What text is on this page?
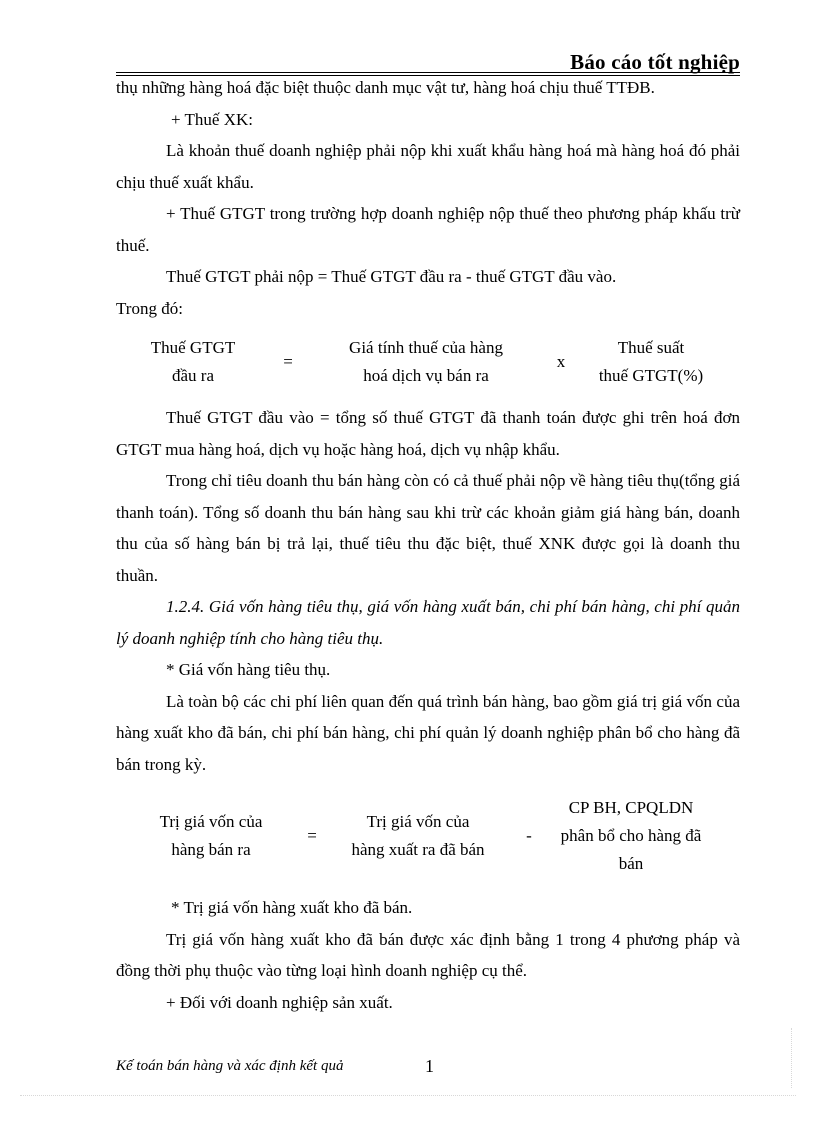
Báo cáo tốt nghiệp

thụ những hàng hoá đặc biệt thuộc danh mục vật tư, hàng hoá chịu thuế TTĐB.

+ Thuế XK:

Là khoản thuế doanh nghiệp phải nộp khi xuất khẩu hàng hoá mà hàng hoá đó phải chịu thuế xuất khẩu.

+ Thuế GTGT trong trường hợp doanh nghiệp nộp thuế theo phương pháp khấu trừ thuế.

Thuế GTGT phải nộp = Thuế GTGT đầu ra - thuế GTGT đầu vào.

Trong đó:

Thuế GTGT
đầu ra
=
Giá tính thuế của hàng
hoá dịch vụ bán ra
x
Thuế suất
thuế GTGT(%)

Thuế GTGT đầu vào = tổng số thuế GTGT đã thanh toán được ghi trên hoá đơn GTGT mua hàng hoá, dịch vụ hoặc hàng hoá, dịch vụ nhập khẩu.

Trong chỉ tiêu doanh thu bán hàng còn có cả thuế phải nộp về hàng tiêu thụ(tổng giá thanh toán). Tổng số doanh thu bán hàng sau khi trừ các khoản giảm giá hàng bán, doanh thu của số hàng bán bị trả lại, thuế tiêu thu đặc biệt, thuế XNK được gọi là doanh thu thuần.

1.2.4. Giá vốn hàng tiêu thụ, giá vốn hàng xuất bán, chi phí bán hàng, chi phí quản lý doanh nghiệp tính cho hàng tiêu thụ.

* Giá vốn hàng tiêu thụ.

Là toàn bộ các chi phí liên quan đến quá trình bán hàng, bao gồm giá trị giá vốn của hàng xuất kho đã bán, chi phí bán hàng, chi phí quản lý doanh nghiệp phân bổ cho hàng đã bán trong kỳ.

Trị giá vốn của
hàng bán ra
=
Trị giá vốn của
hàng xuất ra đã bán
-
CP BH, CPQLDN
phân bổ cho hàng đã
bán

* Trị giá vốn hàng xuất kho đã bán.

Trị giá vốn hàng xuất kho đã bán được xác định bằng 1 trong 4 phương pháp và đồng thời phụ thuộc vào từng loại hình doanh nghiệp cụ thể.

+ Đối với doanh nghiệp sản xuất.

Kế toán bán hàng và xác định kết quả	1
